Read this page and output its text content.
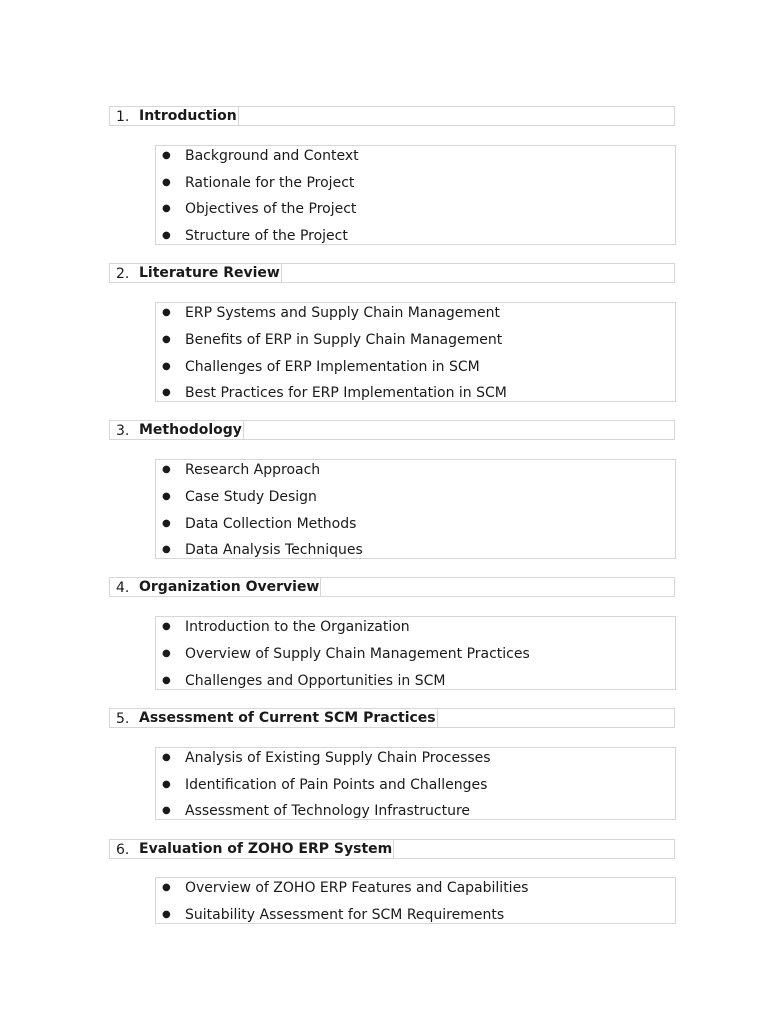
1. Introduction
● Background and Context
● Rationale for the Project
● Objectives of the Project
● Structure of the Project
2. Literature Review
● ERP Systems and Supply Chain Management
● Benefits of ERP in Supply Chain Management
● Challenges of ERP Implementation in SCM
● Best Practices for ERP Implementation in SCM
3. Methodology
● Research Approach
● Case Study Design
● Data Collection Methods
● Data Analysis Techniques
4. Organization Overview
● Introduction to the Organization
● Overview of Supply Chain Management Practices
● Challenges and Opportunities in SCM
5. Assessment of Current SCM Practices
● Analysis of Existing Supply Chain Processes
● Identification of Pain Points and Challenges
● Assessment of Technology Infrastructure
6. Evaluation of ZOHO ERP System
● Overview of ZOHO ERP Features and Capabilities
● Suitability Assessment for SCM Requirements
